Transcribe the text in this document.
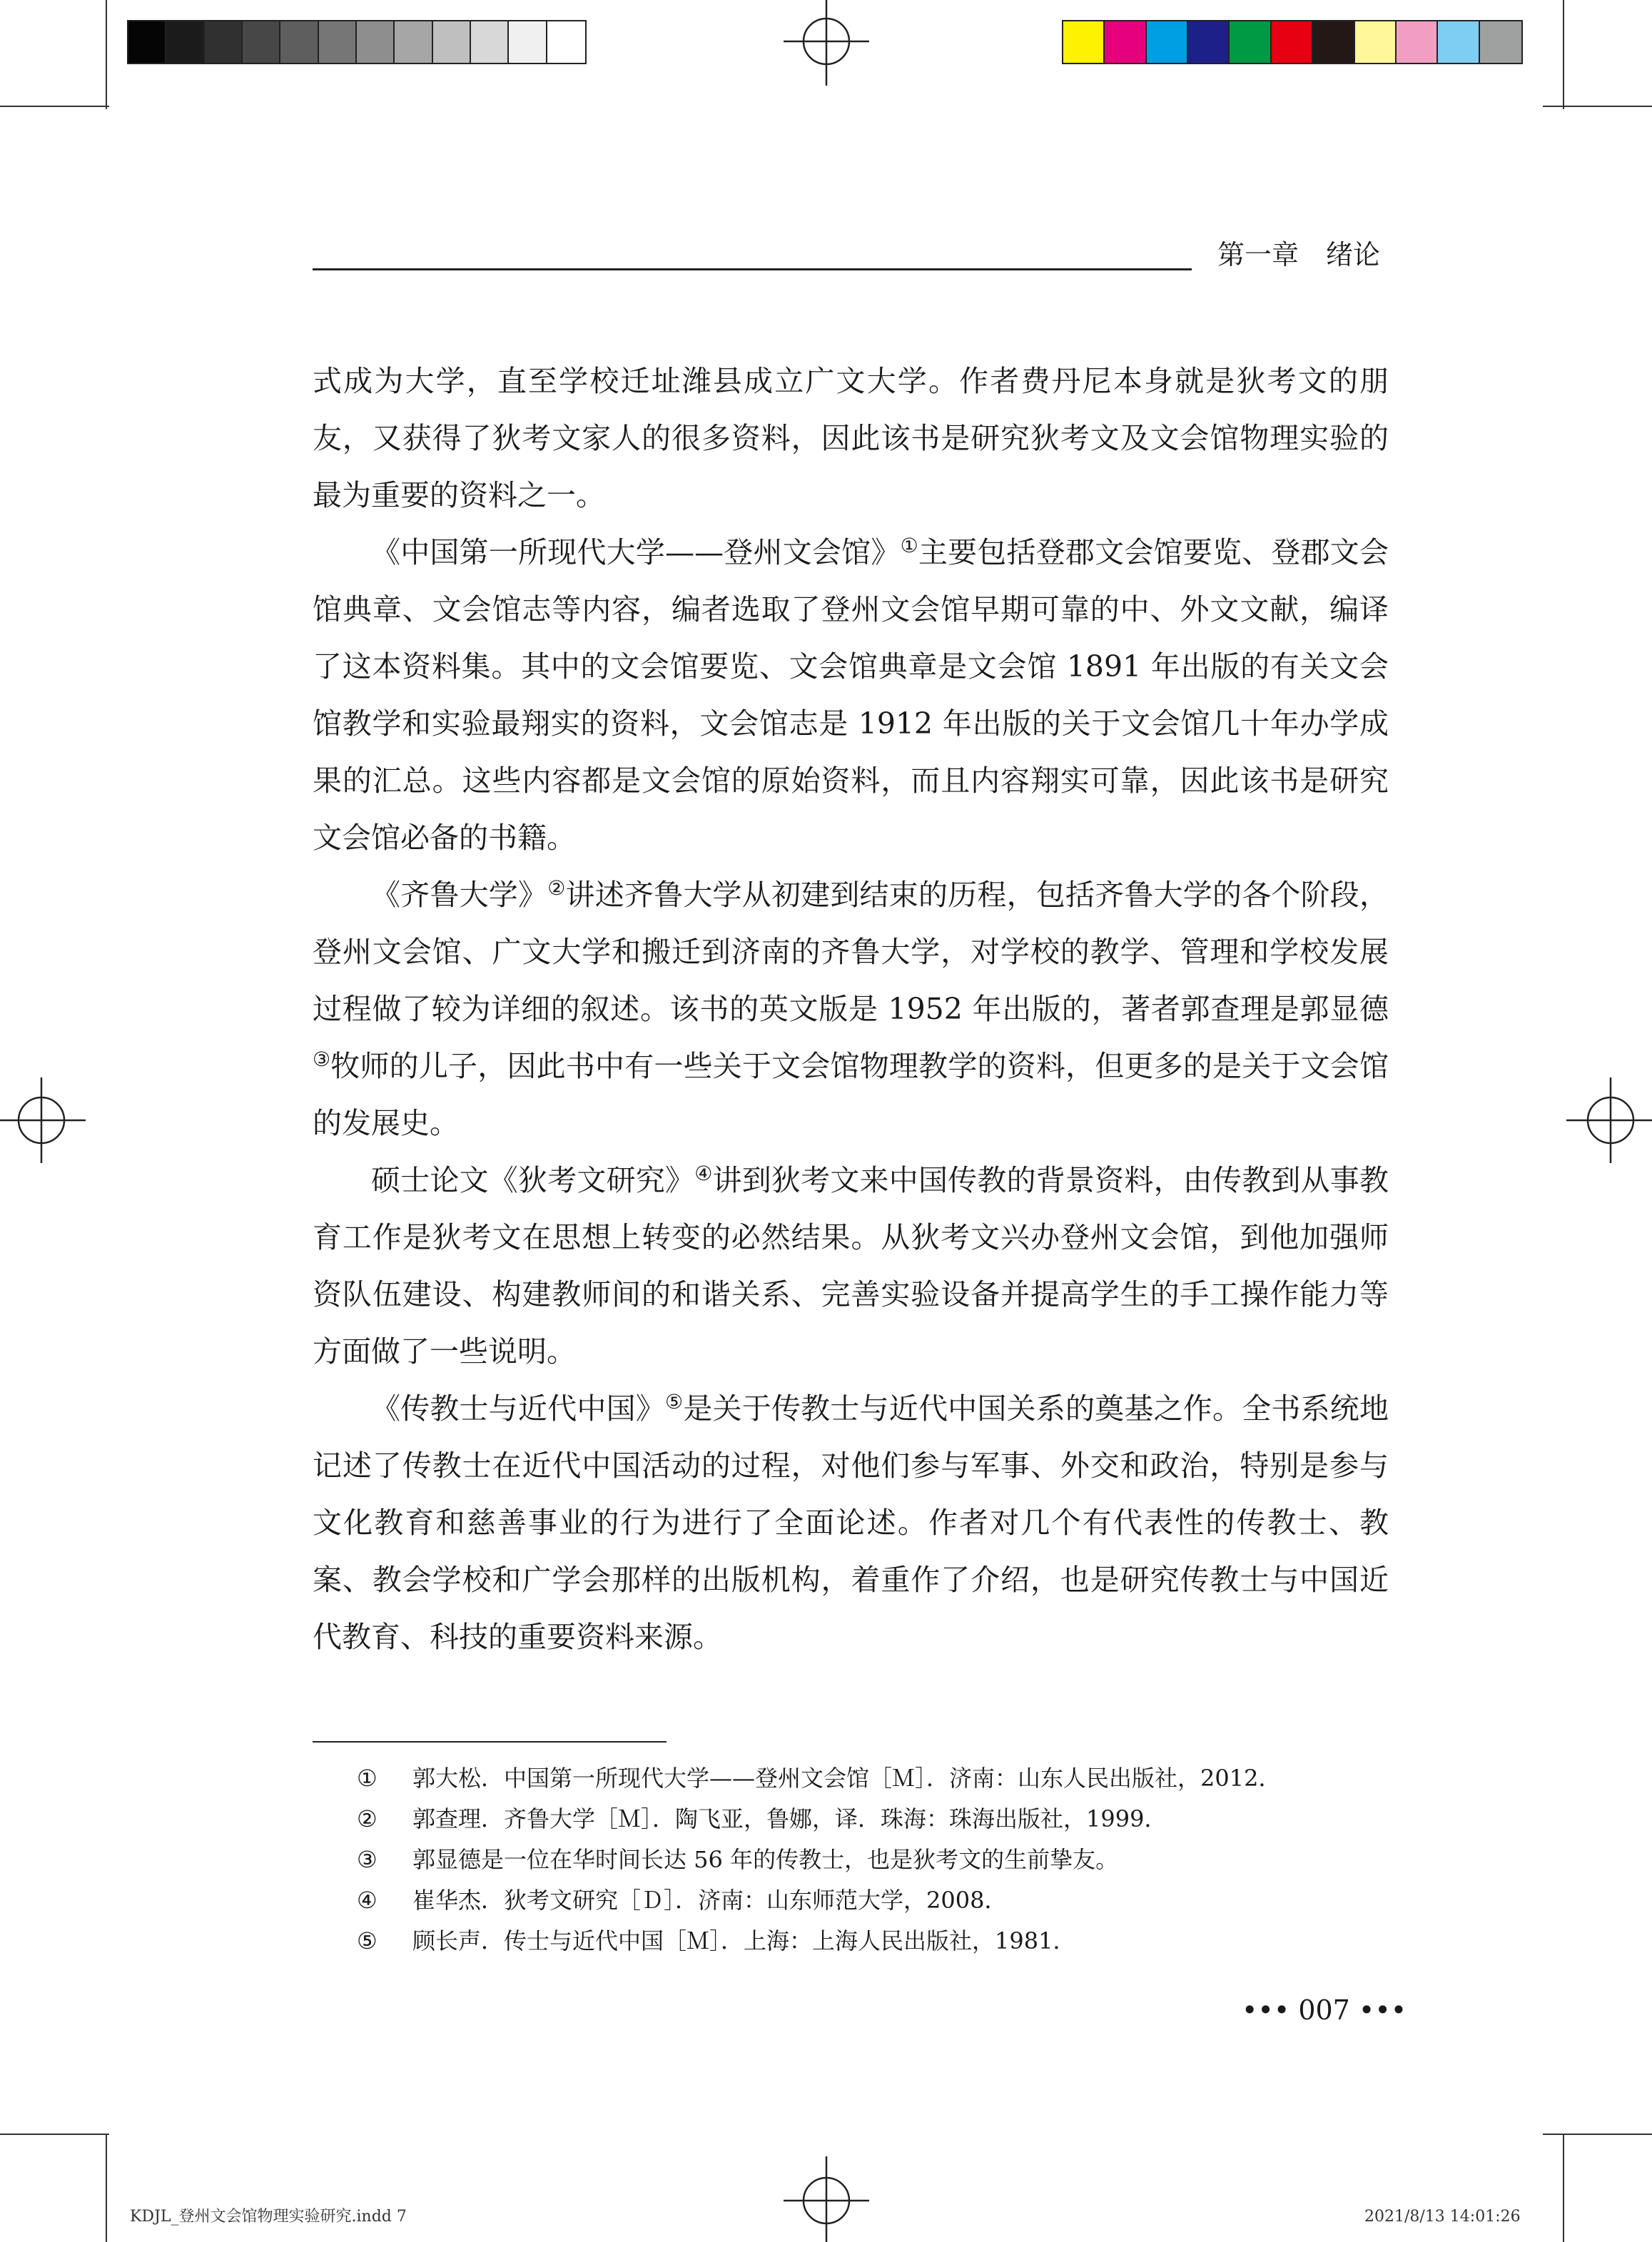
第一章　绪论

式成为大学，直至学校迁址潍县成立广文大学。作者费丹尼本身就是狄考文的朋友，又获得了狄考文家人的很多资料，因此该书是研究狄考文及文会馆物理实验的最为重要的资料之一。

《中国第一所现代大学——登州文会馆》①主要包括登郡文会馆要览、登郡文会馆典章、文会馆志等内容，编者选取了登州文会馆早期可靠的中、外文文献，编译了这本资料集。其中的文会馆要览、文会馆典章是文会馆 1891 年出版的有关文会馆教学和实验最翔实的资料，文会馆志是 1912 年出版的关于文会馆几十年办学成果的汇总。这些内容都是文会馆的原始资料，而且内容翔实可靠，因此该书是研究文会馆必备的书籍。

《齐鲁大学》②讲述齐鲁大学从初建到结束的历程，包括齐鲁大学的各个阶段，登州文会馆、广文大学和搬迁到济南的齐鲁大学，对学校的教学、管理和学校发展过程做了较为详细的叙述。该书的英文版是 1952 年出版的，著者郭查理是郭显德③牧师的儿子，因此书中有一些关于文会馆物理教学的资料，但更多的是关于文会馆的发展史。

硕士论文《狄考文研究》④讲到狄考文来中国传教的背景资料，由传教到从事教育工作是狄考文在思想上转变的必然结果。从狄考文兴办登州文会馆，到他加强师资队伍建设、构建教师间的和谐关系、完善实验设备并提高学生的手工操作能力等方面做了一些说明。

《传教士与近代中国》⑤是关于传教士与近代中国关系的奠基之作。全书系统地记述了传教士在近代中国活动的过程，对他们参与军事、外交和政治，特别是参与文化教育和慈善事业的行为进行了全面论述。作者对几个有代表性的传教士、教案、教会学校和广学会那样的出版机构，着重作了介绍，也是研究传教士与中国近代教育、科技的重要资料来源。

①	郭大松．中国第一所现代大学——登州文会馆［Ｍ］．济南：山东人民出版社，2012．
②	郭查理．齐鲁大学［Ｍ］．陶飞亚，鲁娜，译．珠海：珠海出版社，1999．
③	郭显德是一位在华时间长达 56 年的传教士，也是狄考文的生前挚友。
④	崔华杰．狄考文研究［Ｄ］．济南：山东师范大学，2008．
⑤	顾长声．传士与近代中国［Ｍ］．上海：上海人民出版社，1981．
••• 007 •••
KDJL_登州文会馆物理实验研究.indd 7	2021/8/13 14:01:26
